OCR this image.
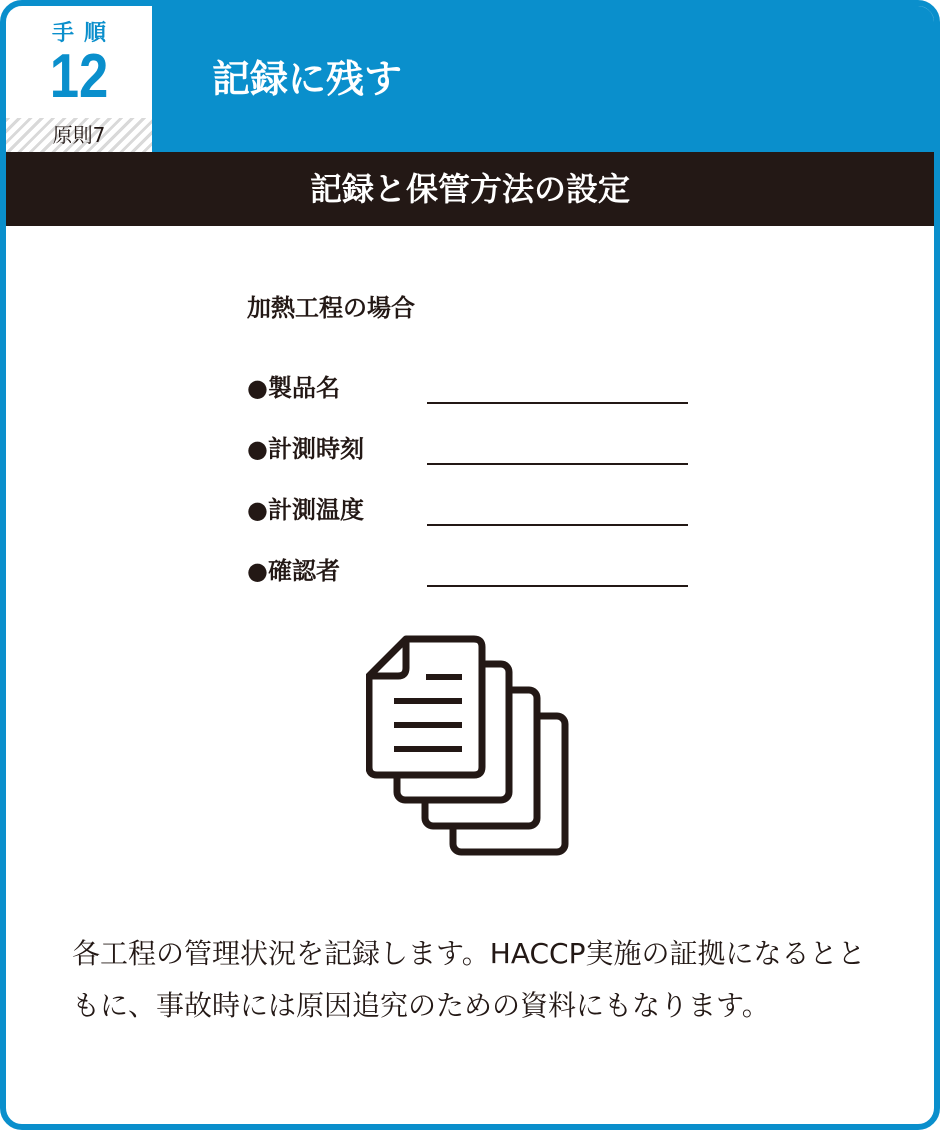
手順
12
原則7
記録に残す
記録と保管方法の設定
加熱工程の場合
●製品名
●計測時刻
●計測温度
●確認者
各工程の管理状況を記録します。HACCP実施の証拠になるとともに、事故時には原因追究のための資料にもなります。
